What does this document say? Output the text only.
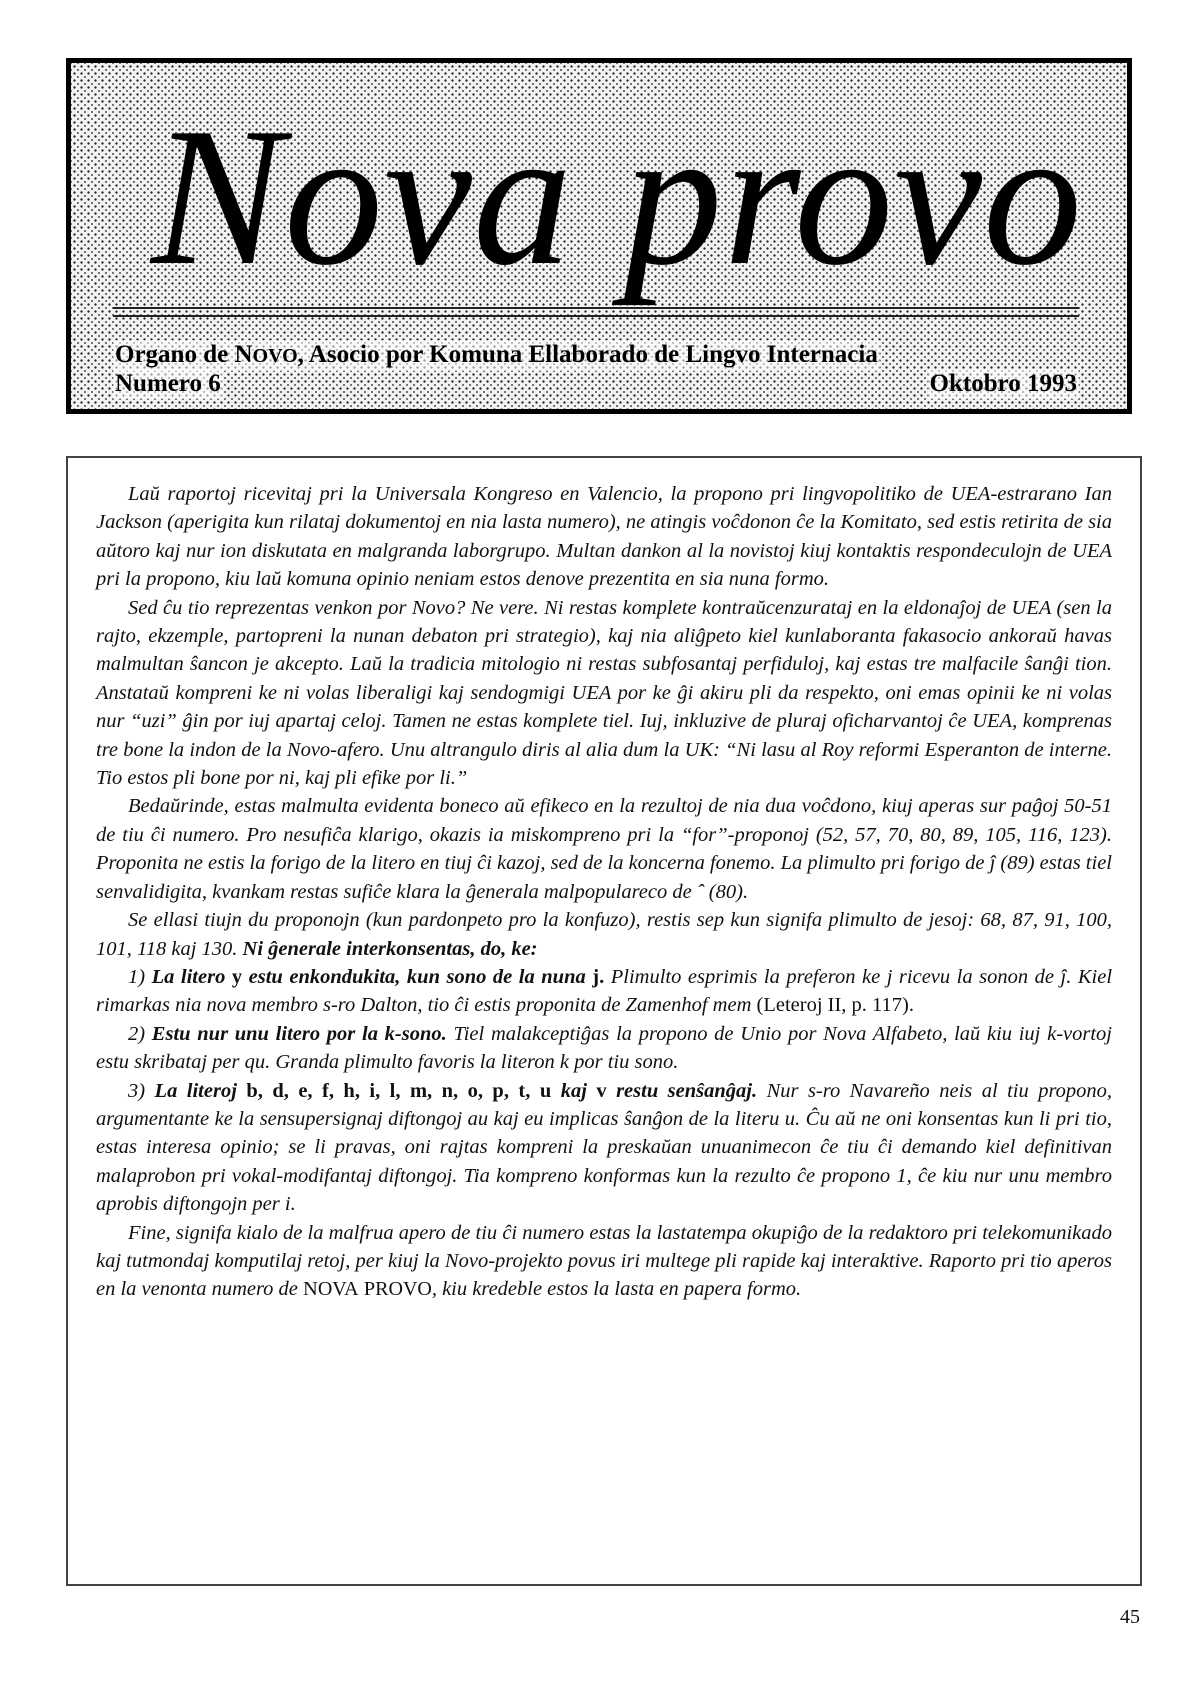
Nova provo
Organo de NOVO, Asocio por Komuna Ellaborado de Lingvo Internacia
Numero 6	Oktobro 1993

Laŭ raportoj ricevitaj pri la Universala Kongreso en Valencio, la propono pri lingvopolitiko de UEA-estrarano Ian Jackson (aperigita kun rilataj dokumentoj en nia lasta numero), ne atingis voĉdonon ĉe la Komitato, sed estis retirita de sia aŭtoro kaj nur ion diskutata en malgranda laborgrupo. Multan dankon al la novistoj kiuj kontaktis respondeculojn de UEA pri la propono, kiu laŭ komuna opinio neniam estos denove prezentita en sia nuna formo.

Sed ĉu tio reprezentas venkon por Novo? Ne vere. Ni restas komplete kontraŭcenzurataj en la eldonaĵoj de UEA (sen la rajto, ekzemple, partopreni la nunan debaton pri strategio), kaj nia aliĝpeto kiel kunlaboranta fakasocio ankoraŭ havas malmultan ŝancon je akcepto. Laŭ la tradicia mitologio ni restas subfosantaj perfiduloj, kaj estas tre malfacile ŝanĝi tion. Anstataŭ kompreni ke ni volas liberaligi kaj sendogmigi UEA por ke ĝi akiru pli da respekto, oni emas opinii ke ni volas nur “uzi” ĝin por iuj apartaj celoj. Tamen ne estas komplete tiel. Iuj, inkluzive de pluraj oficharvantoj ĉe UEA, komprenas tre bone la indon de la Novo-afero. Unu altrangulo diris al alia dum la UK: “Ni lasu al Roy reformi Esperanton de interne. Tio estos pli bone por ni, kaj pli efike por li.”

Bedaŭrinde, estas malmulta evidenta boneco aŭ efikeco en la rezultoj de nia dua voĉdono, kiuj aperas sur paĝoj 50-51 de tiu ĉi numero. Pro nesufiĉa klarigo, okazis ia miskompreno pri la “for”-proponoj (52, 57, 70, 80, 89, 105, 116, 123). Proponita ne estis la forigo de la litero en tiuj ĉi kazoj, sed de la koncerna fonemo. La plimulto pri forigo de ĵ (89) estas tiel senvalidigita, kvankam restas sufiĉe klara la ĝenerala malpopulareco de ˆ (80).

Se ellasi tiujn du proponojn (kun pardonpeto pro la konfuzo), restis sep kun signifa plimulto de jesoj: 68, 87, 91, 100, 101, 118 kaj 130. Ni ĝenerale interkonsentas, do, ke:

1) La litero y estu enkondukita, kun sono de la nuna j. Plimulto esprimis la preferon ke j ricevu la sonon de ĵ. Kiel rimarkas nia nova membro s-ro Dalton, tio ĉi estis proponita de Zamenhof mem (Leteroj II, p. 117).

2) Estu nur unu litero por la k-sono. Tiel malakceptiĝas la propono de Unio por Nova Alfabeto, laŭ kiu iuj k-vortoj estu skribataj per qu. Granda plimulto favoris la literon k por tiu sono.

3) La literoj b, d, e, f, h, i, l, m, n, o, p, t, u kaj v restu senŝanĝaj. Nur s-ro Navareño neis al tiu propono, argumentante ke la sensupersignaj diftongoj au kaj eu implicas ŝanĝon de la literu u. Ĉu aŭ ne oni konsentas kun li pri tio, estas interesa opinio; se li pravas, oni rajtas kompreni la preskaŭan unuanimecon ĉe tiu ĉi demando kiel definitivan malaprobon pri vokal-modifantaj diftongoj. Tia kompreno konformas kun la rezulto ĉe propono 1, ĉe kiu nur unu membro aprobis diftongojn per i.

Fine, signifa kialo de la malfrua apero de tiu ĉi numero estas la lastatempa okupiĝo de la redaktoro pri telekomunikado kaj tutmondaj komputilaj retoj, per kiuj la Novo-projekto povus iri multege pli rapide kaj interaktive. Raporto pri tio aperos en la venonta numero de NOVA PROVO, kiu kredeble estos la lasta en papera formo.

45
